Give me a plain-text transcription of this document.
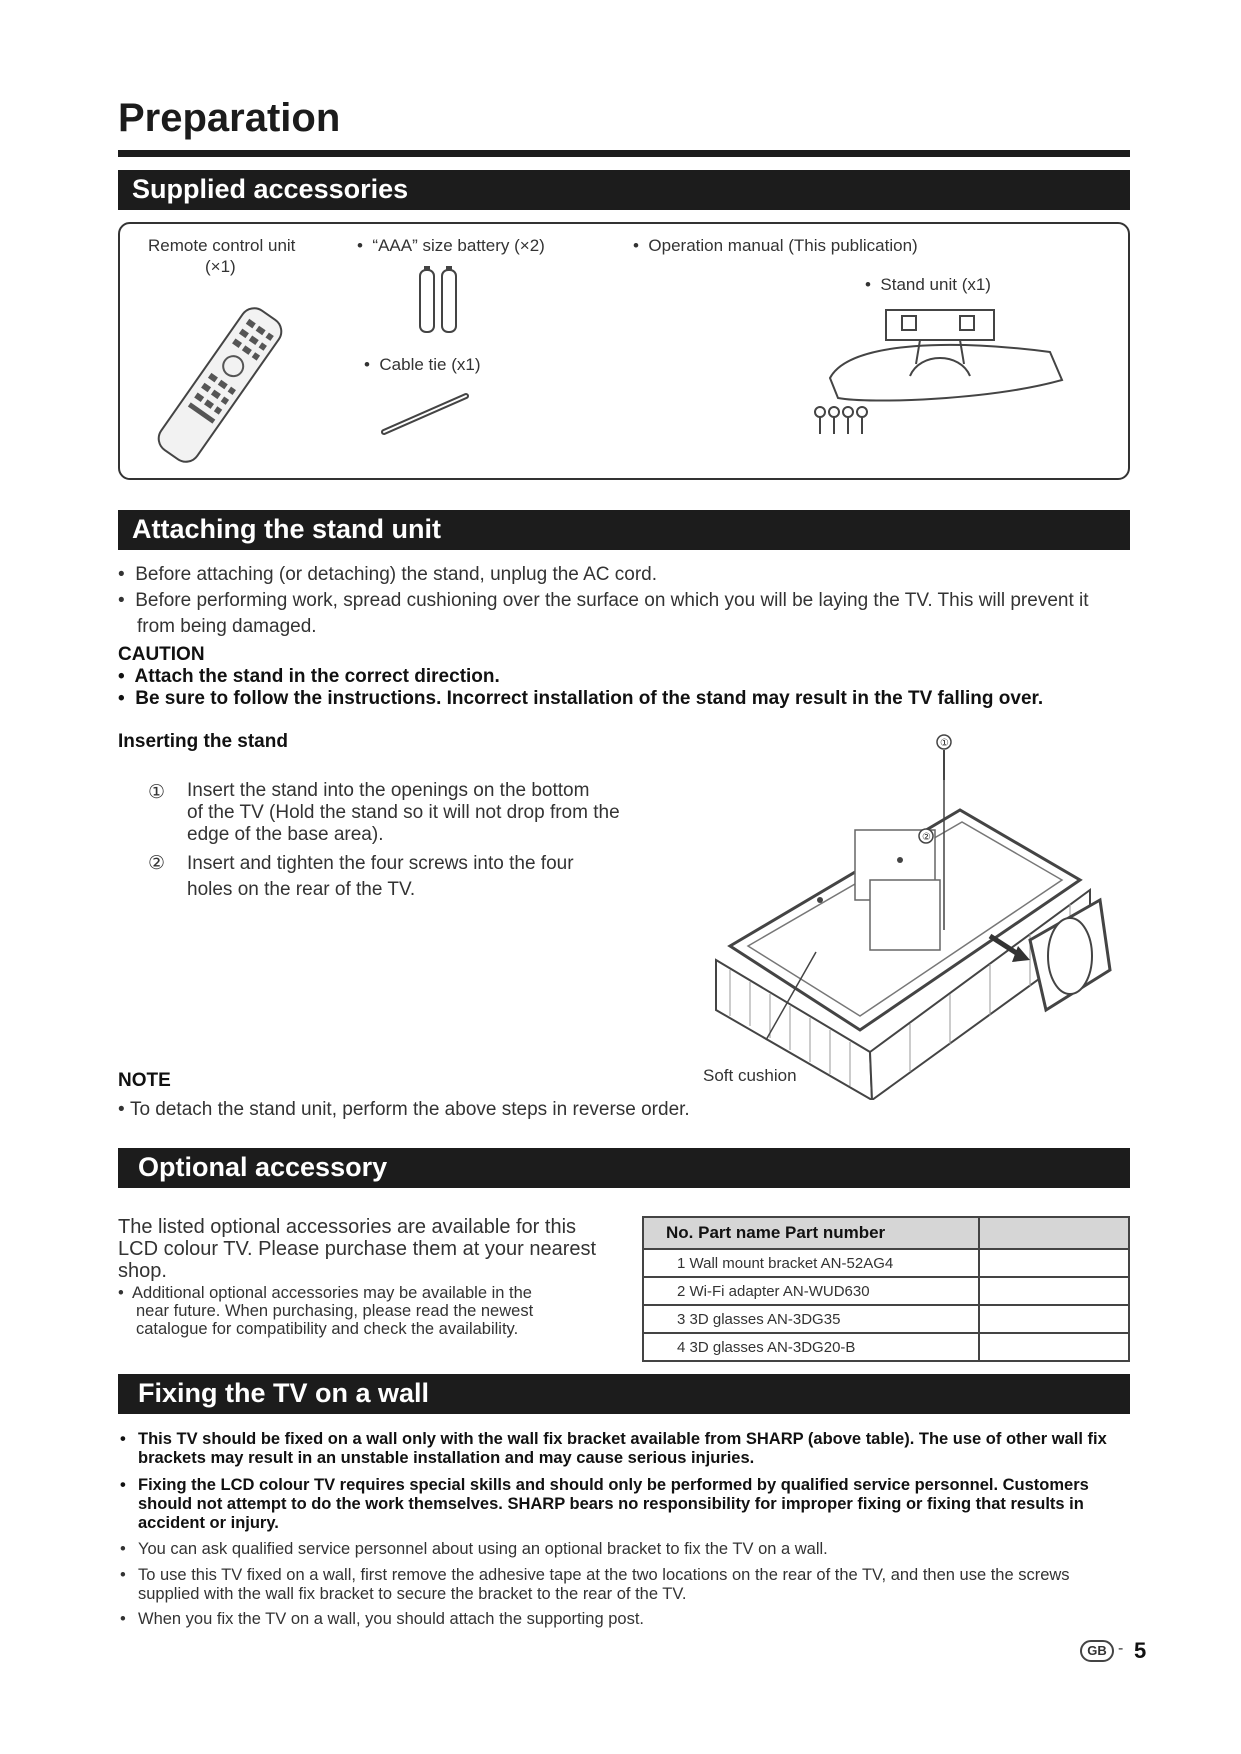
Preparation
Supplied accessories
Remote control unit
(×1)
•  “AAA” size battery (×2)
•  Cable tie (x1)
•  Operation manual (This publication)
•  Stand unit (x1)
Attaching the stand unit
•  Before attaching (or detaching) the stand, unplug the AC cord.
•  Before performing work, spread cushioning over the surface on which you will be laying the TV. This will prevent it
from being damaged.
CAUTION
•  Attach the stand in the correct direction.
•  Be sure to follow the instructions. Incorrect installation of the stand may result in the TV falling over.
Inserting the stand
① Insert the stand into the openings on the bottom
of the TV (Hold the stand so it will not drop from the
edge of the base area).
② Insert and tighten the four screws into the four
holes on the rear of the TV.
①
②
Soft cushion
NOTE
• To detach the stand unit, perform the above steps in reverse order.
Optional accessory
The listed optional accessories are available for this
LCD colour TV. Please purchase them at your nearest
shop.
•  Additional optional accessories may be available in the
near future. When purchasing, please read the newest
catalogue for compatibility and check the availability.
No. Part name Part number	
1 Wall mount bracket AN-52AG4	
2 Wi-Fi adapter AN-WUD630	
3 3D glasses AN-3DG35	
4 3D glasses AN-3DG20-B	
Fixing the TV on a wall
• This TV should be fixed on a wall only with the wall fix bracket available from SHARP (above table). The use of other wall fix brackets may result in an unstable installation and may cause serious injuries.
• Fixing the LCD colour TV requires special skills and should only be performed by qualified service personnel. Customers should not attempt to do the work themselves. SHARP bears no responsibility for improper fixing or fixing that results in accident or injury.
• You can ask qualified service personnel about using an optional bracket to fix the TV on a wall.
• To use this TV fixed on a wall, first remove the adhesive tape at the two locations on the rear of the TV, and then use the screws supplied with the wall fix bracket to secure the bracket to the rear of the TV.
• When you fix the TV on a wall, you should attach the supporting post.
GB - 5
